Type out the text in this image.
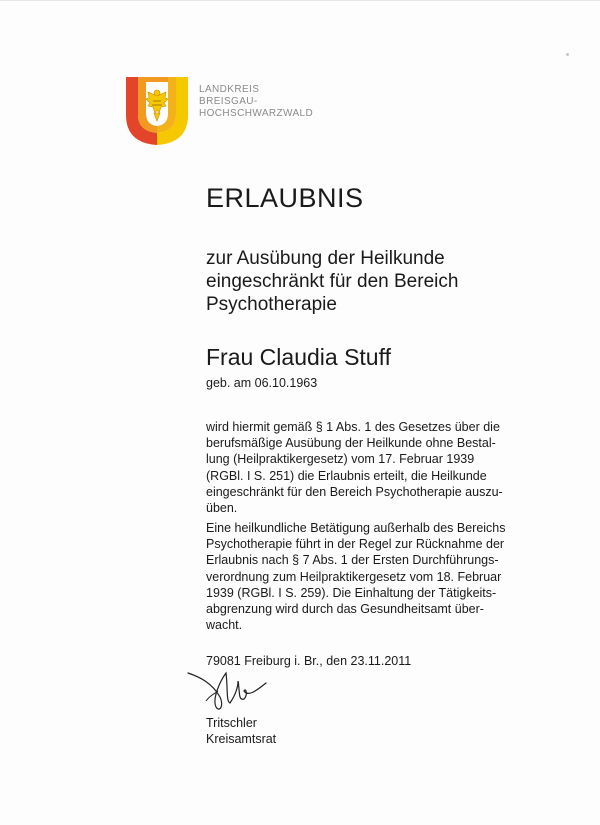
LANDKREIS
BREISGAU-
HOCHSCHWARZWALD
ERLAUBNIS
zur Ausübung der Heilkunde
eingeschränkt für den Bereich
Psychotherapie
Frau Claudia Stuff
geb. am 06.10.1963
wird hiermit gemäß § 1 Abs. 1 des Gesetzes über die
berufsmäßige Ausübung der Heilkunde ohne Bestal-
lung (Heilpraktikergesetz) vom 17. Februar 1939
(RGBl. I S. 251) die Erlaubnis erteilt, die Heilkunde
eingeschränkt für den Bereich Psychotherapie auszu-
üben.
Eine heilkundliche Betätigung außerhalb des Bereichs
Psychotherapie führt in der Regel zur Rücknahme der
Erlaubnis nach § 7 Abs. 1 der Ersten Durchführungs-
verordnung zum Heilpraktikergesetz vom 18. Februar
1939 (RGBl. I S. 259). Die Einhaltung der Tätigkeits-
abgrenzung wird durch das Gesundheitsamt über-
wacht.
79081 Freiburg i. Br., den 23.11.2011
Tritschler
Kreisamtsrat
